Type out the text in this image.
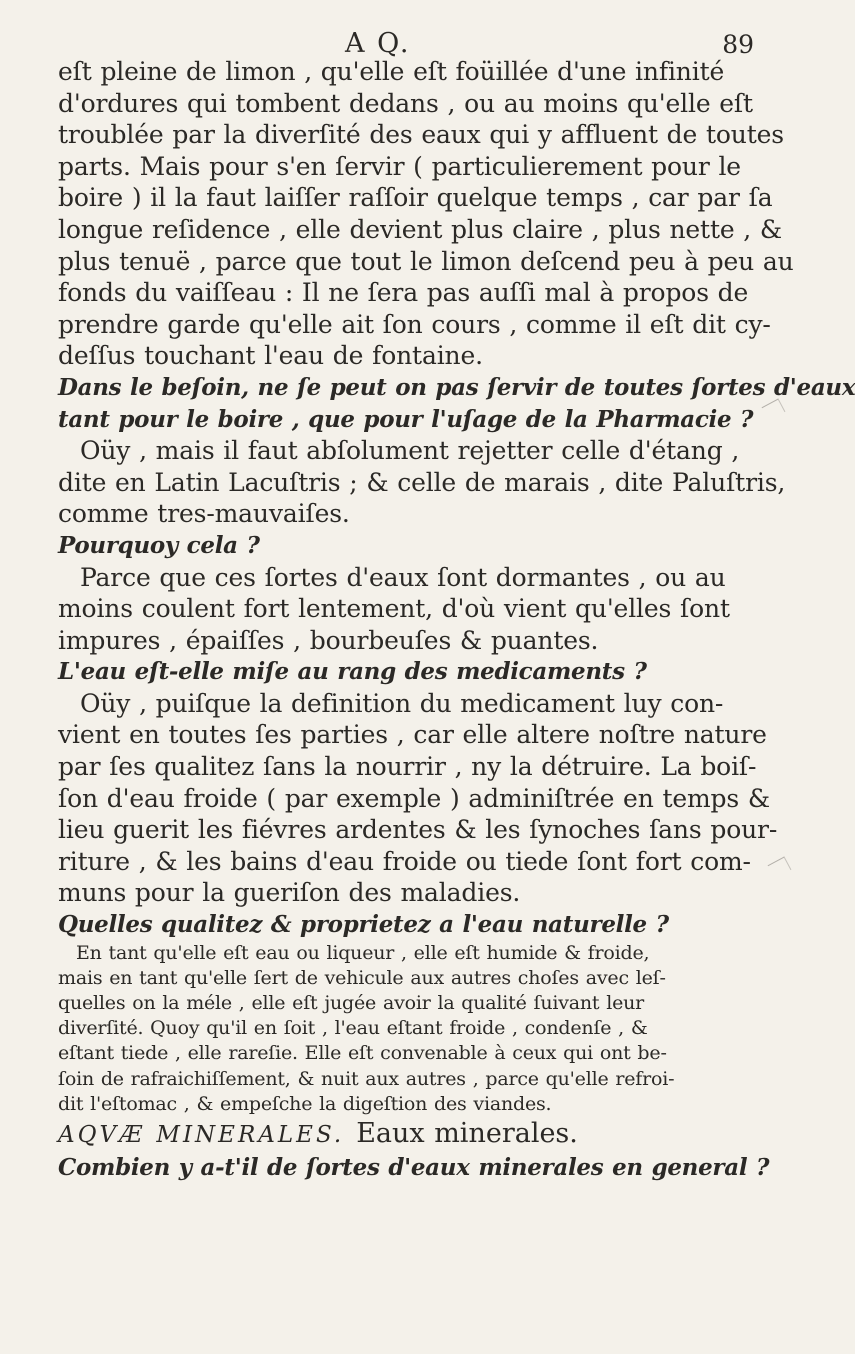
A Q.	89
eſt pleine de limon , qu'elle eſt foüillée d'une infinité
d'ordures qui tombent dedans , ou au moins qu'elle eſt
troublée par la diverſité des eaux qui y affluent de toutes
parts. Mais pour s'en ſervir ( particulierement pour le
boire ) il la faut laiſſer raſſoir quelque temps , car par ſa
longue reſidence , elle devient plus claire , plus nette , &
plus tenuë , parce que tout le limon deſcend peu à peu au
fonds du vaiſſeau : Il ne ſera pas auſſi mal à propos de
prendre garde qu'elle ait ſon cours , comme il eſt dit cy-
deſſus touchant l'eau de fontaine.
Dans le beſoin, ne ſe peut on pas ſervir de toutes ſortes d'eaux
tant pour le boire , que pour l'uſage de la Pharmacie ?
Oüy , mais il faut abſolument rejetter celle d'étang ,
dite en Latin Lacuſtris ; & celle de marais , dite Paluſtris,
comme tres-mauvaiſes.
Pourquoy cela ?
Parce que ces ſortes d'eaux ſont dormantes , ou au
moins coulent fort lentement, d'où vient qu'elles ſont
impures , épaiſſes , bourbeuſes & puantes.
L'eau eſt-elle miſe au rang des medicaments ?
Oüy , puiſque la definition du medicament luy con-
vient en toutes ſes parties , car elle altere noſtre nature
par ſes qualitez ſans la nourrir , ny la détruire. La boiſ-
ſon d'eau froide ( par exemple ) adminiſtrée en temps &
lieu guerit les fiévres ardentes & les ſynoches ſans pour-
riture , & les bains d'eau froide ou tiede ſont fort com-
muns pour la gueriſon des maladies.
Quelles qualitez & proprietez a l'eau naturelle ?
En tant qu'elle eſt eau ou liqueur , elle eſt humide & froide,
mais en tant qu'elle ſert de vehicule aux autres choſes avec leſ-
quelles on la méle , elle eſt jugée avoir la qualité ſuivant leur
diverſité. Quoy qu'il en ſoit , l'eau eſtant froide , condenſe , &
eſtant tiede , elle rareſie. Elle eſt convenable à ceux qui ont be-
ſoin de rafraichiſſement, & nuit aux autres , parce qu'elle refroi-
dit l'eſtomac , & empeſche la digeſtion des viandes.
AQVÆ MINERALES. Eaux minerales.
Combien y a-t'il de ſortes d'eaux minerales en general ?
